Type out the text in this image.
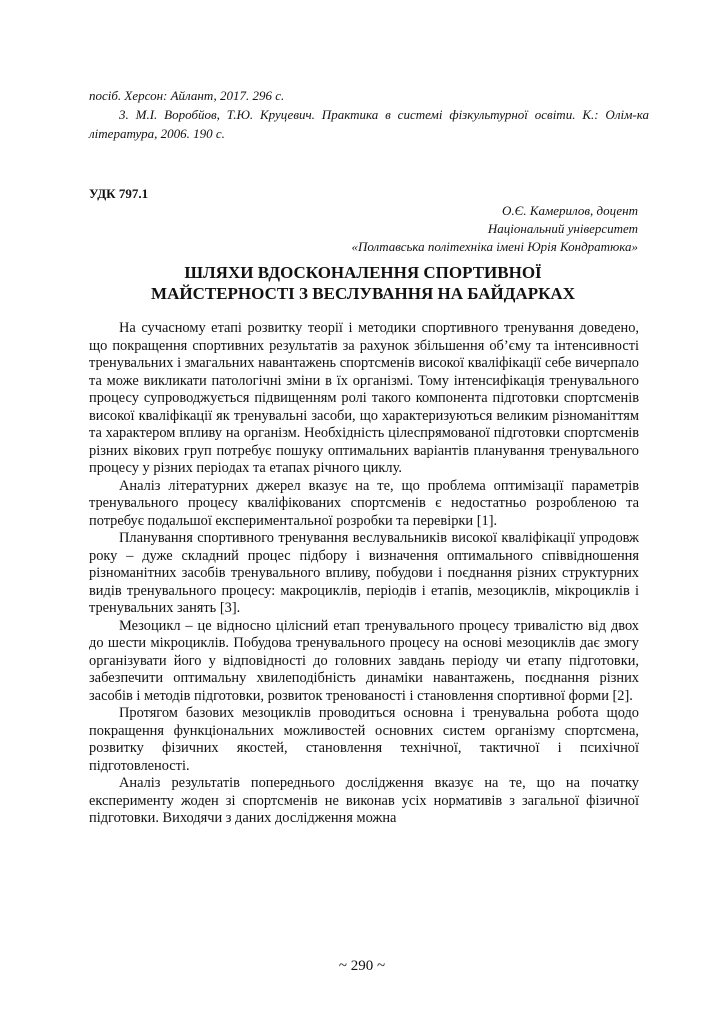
посіб. Херсон: Айлант, 2017. 296 с.

3. М.І. Воробйов, Т.Ю. Круцевич. Практика в системі фізкультурної освіти. К.: Олім-ка література, 2006. 190 с.

УДК 797.1

О.Є. Камерилов, доцент
Національний університет
«Полтавська політехніка імені Юрія Кондратюка»
ШЛЯХИ ВДОСКОНАЛЕННЯ СПОРТИВНОЇ
МАЙСТЕРНОСТІ З ВЕСЛУВАННЯ НА БАЙДАРКАХ

На сучасному етапі розвитку теорії і методики спортивного тренування доведено, що покращення спортивних результатів за рахунок збільшення об’єму та інтенсивності тренувальних і змагальних навантажень спортсменів високої кваліфікації себе вичерпало та може викликати патологічні зміни в їх організмі. Тому інтенсифікація тренувального процесу супроводжується підвищенням ролі такого компонента підготовки спортсменів високої кваліфікації як тренувальні засоби, що характеризуються великим різноманіттям та характером впливу на організм. Необхідність цілеспрямованої підготовки спортсменів різних вікових груп потребує пошуку оптимальних варіантів планування тренувального процесу у різних періодах та етапах річного циклу.

Аналіз літературних джерел вказує на те, що проблема оптимізації параметрів тренувального процесу кваліфікованих спортсменів є недостатньо розробленою та потребує подальшої експериментальної розробки та перевірки [1].

Планування спортивного тренування веслувальників високої кваліфікації упродовж року – дуже складний процес підбору і визначення оптимального співвідношення різноманітних засобів тренувального впливу, побудови і поєднання різних структурних видів тренувального процесу: макроциклів, періодів і етапів, мезоциклів, мікроциклів і тренувальних занять [3].

Мезоцикл – це відносно цілісний етап тренувального процесу тривалістю від двох до шести мікроциклів. Побудова тренувального процесу на основі мезоциклів дає змогу організувати його у відповідності до головних завдань періоду чи етапу підготовки, забезпечити оптимальну хвилеподібність динаміки навантажень, поєднання різних засобів і методів підготовки, розвиток тренованості і становлення спортивної форми [2].

Протягом базових мезоциклів проводиться основна і тренувальна робота щодо покращення функціональних можливостей основних систем організму спортсмена, розвитку фізичних якостей, становлення технічної, тактичної і психічної підготовленості.

Аналіз результатів попереднього дослідження вказує на те, що на початку експерименту жоден зі спортсменів не виконав усіх нормативів з загальної фізичної підготовки. Виходячи з даних дослідження можна

~ 290 ~
